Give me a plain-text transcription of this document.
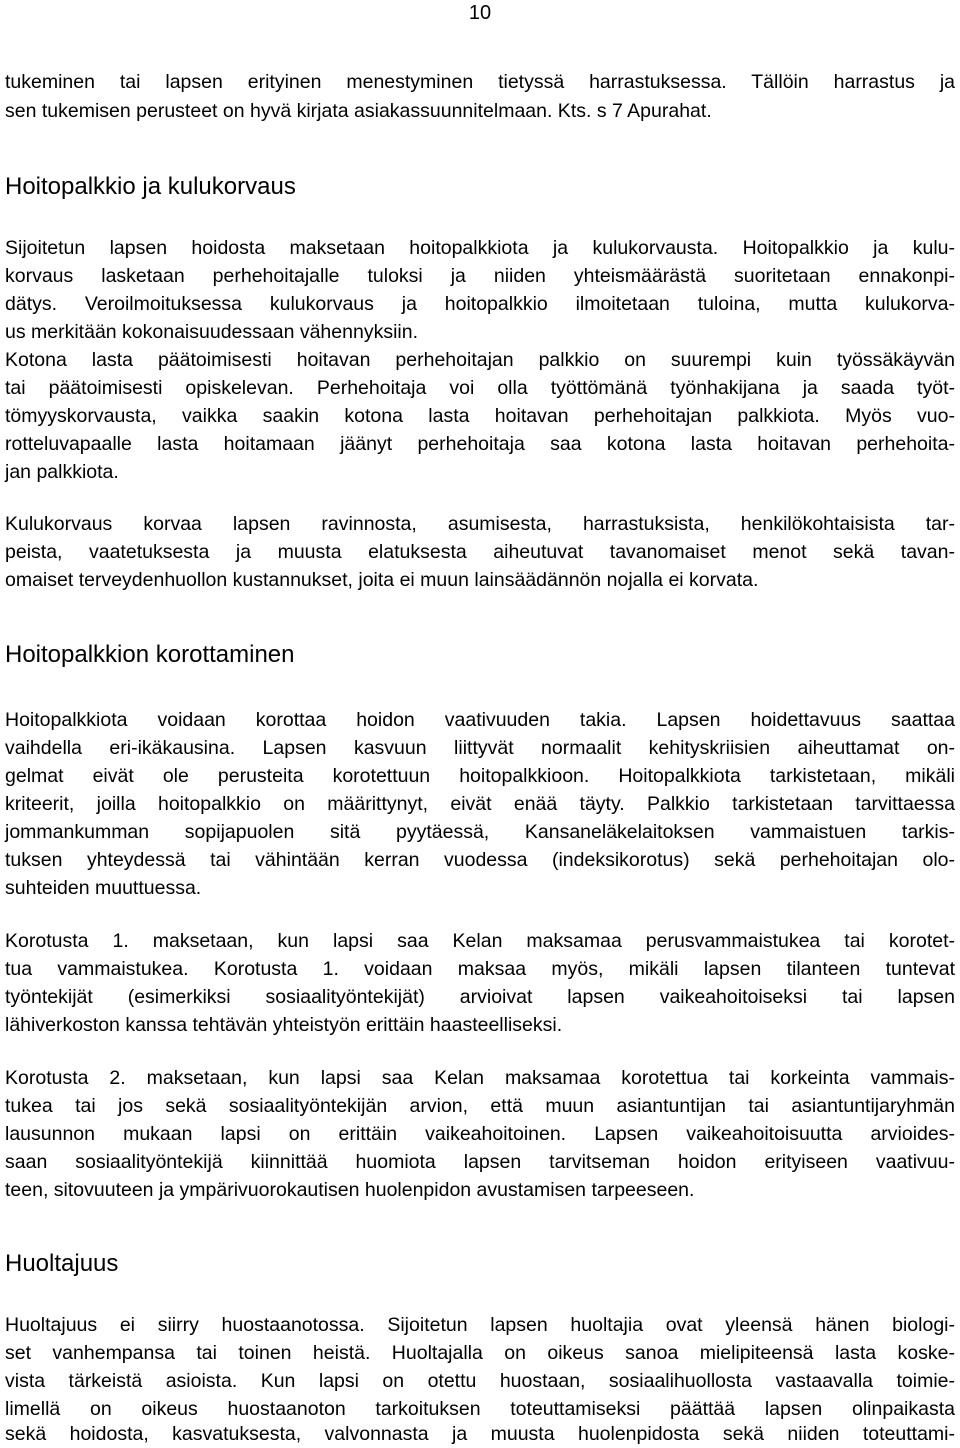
10
tukeminen tai lapsen erityinen menestyminen tietyssä harrastuksessa. Tällöin harrastus ja
sen tukemisen perusteet on hyvä kirjata asiakassuunnitelmaan. Kts. s 7 Apurahat.
Hoitopalkkio ja kulukorvaus
Sijoitetun lapsen hoidosta maksetaan hoitopalkkiota ja kulukorvausta. Hoitopalkkio ja kulu-
korvaus lasketaan perhehoitajalle tuloksi ja niiden yhteismäärästä suoritetaan ennakonpi-
dätys. Veroilmoituksessa kulukorvaus ja hoitopalkkio ilmoitetaan tuloina, mutta kulukorva-
us merkitään kokonaisuudessaan vähennyksiin.
Kotona lasta päätoimisesti hoitavan perhehoitajan palkkio on suurempi kuin työssäkäyvän
tai päätoimisesti opiskelevan. Perhehoitaja voi olla työttömänä työnhakijana ja saada työt-
tömyyskorvausta, vaikka saakin kotona lasta hoitavan perhehoitajan palkkiota. Myös vuo-
rotteluvapaalle lasta hoitamaan jäänyt perhehoitaja saa kotona lasta hoitavan perhehoita-
jan palkkiota.
Kulukorvaus korvaa lapsen ravinnosta, asumisesta, harrastuksista, henkilökohtaisista tar-
peista, vaatetuksesta ja muusta elatuksesta aiheutuvat tavanomaiset menot sekä tavan-
omaiset terveydenhuollon kustannukset, joita ei muun lainsäädännön nojalla ei korvata.
Hoitopalkkion korottaminen
Hoitopalkkiota voidaan korottaa hoidon vaativuuden takia. Lapsen hoidettavuus saattaa
vaihdella eri-ikäkausina. Lapsen kasvuun liittyvät normaalit kehityskriisien aiheuttamat on-
gelmat eivät ole perusteita korotettuun hoitopalkkioon. Hoitopalkkiota tarkistetaan, mikäli
kriteerit, joilla hoitopalkkio on määrittynyt, eivät enää täyty. Palkkio tarkistetaan tarvittaessa
jommankumman sopijapuolen sitä pyytäessä, Kansaneläkelaitoksen vammaistuen tarkis-
tuksen yhteydessä tai vähintään kerran vuodessa (indeksikorotus) sekä perhehoitajan olo-
suhteiden muuttuessa.
Korotusta 1. maksetaan, kun lapsi saa Kelan maksamaa perusvammaistukea tai korotet-
tua vammaistukea. Korotusta 1. voidaan maksaa myös, mikäli lapsen tilanteen tuntevat
työntekijät (esimerkiksi sosiaalityöntekijät) arvioivat lapsen vaikeahoitoiseksi tai lapsen
lähiverkoston kanssa tehtävän yhteistyön erittäin haasteelliseksi.
Korotusta 2. maksetaan, kun lapsi saa Kelan maksamaa korotettua tai korkeinta vammais-
tukea tai jos sekä sosiaalityöntekijän arvion, että muun asiantuntijan tai asiantuntijaryhmän
lausunnon mukaan lapsi on erittäin vaikeahoitoinen. Lapsen vaikeahoitoisuutta arvioides-
saan sosiaalityöntekijä kiinnittää huomiota lapsen tarvitseman hoidon erityiseen vaativuu-
teen, sitovuuteen ja ympärivuorokautisen huolenpidon avustamisen tarpeeseen.
Huoltajuus
Huoltajuus ei siirry huostaanotossa. Sijoitetun lapsen huoltajia ovat yleensä hänen biologi-
set vanhempansa tai toinen heistä. Huoltajalla on oikeus sanoa mielipiteensä lasta koske-
vista tärkeistä asioista. Kun lapsi on otettu huostaan, sosiaalihuollosta vastaavalla toimie-
limellä on oikeus huostaanoton tarkoituksen toteuttamiseksi päättää lapsen olinpaikasta
sekä hoidosta, kasvatuksesta, valvonnasta ja muusta huolenpidosta sekä niiden toteuttami-
